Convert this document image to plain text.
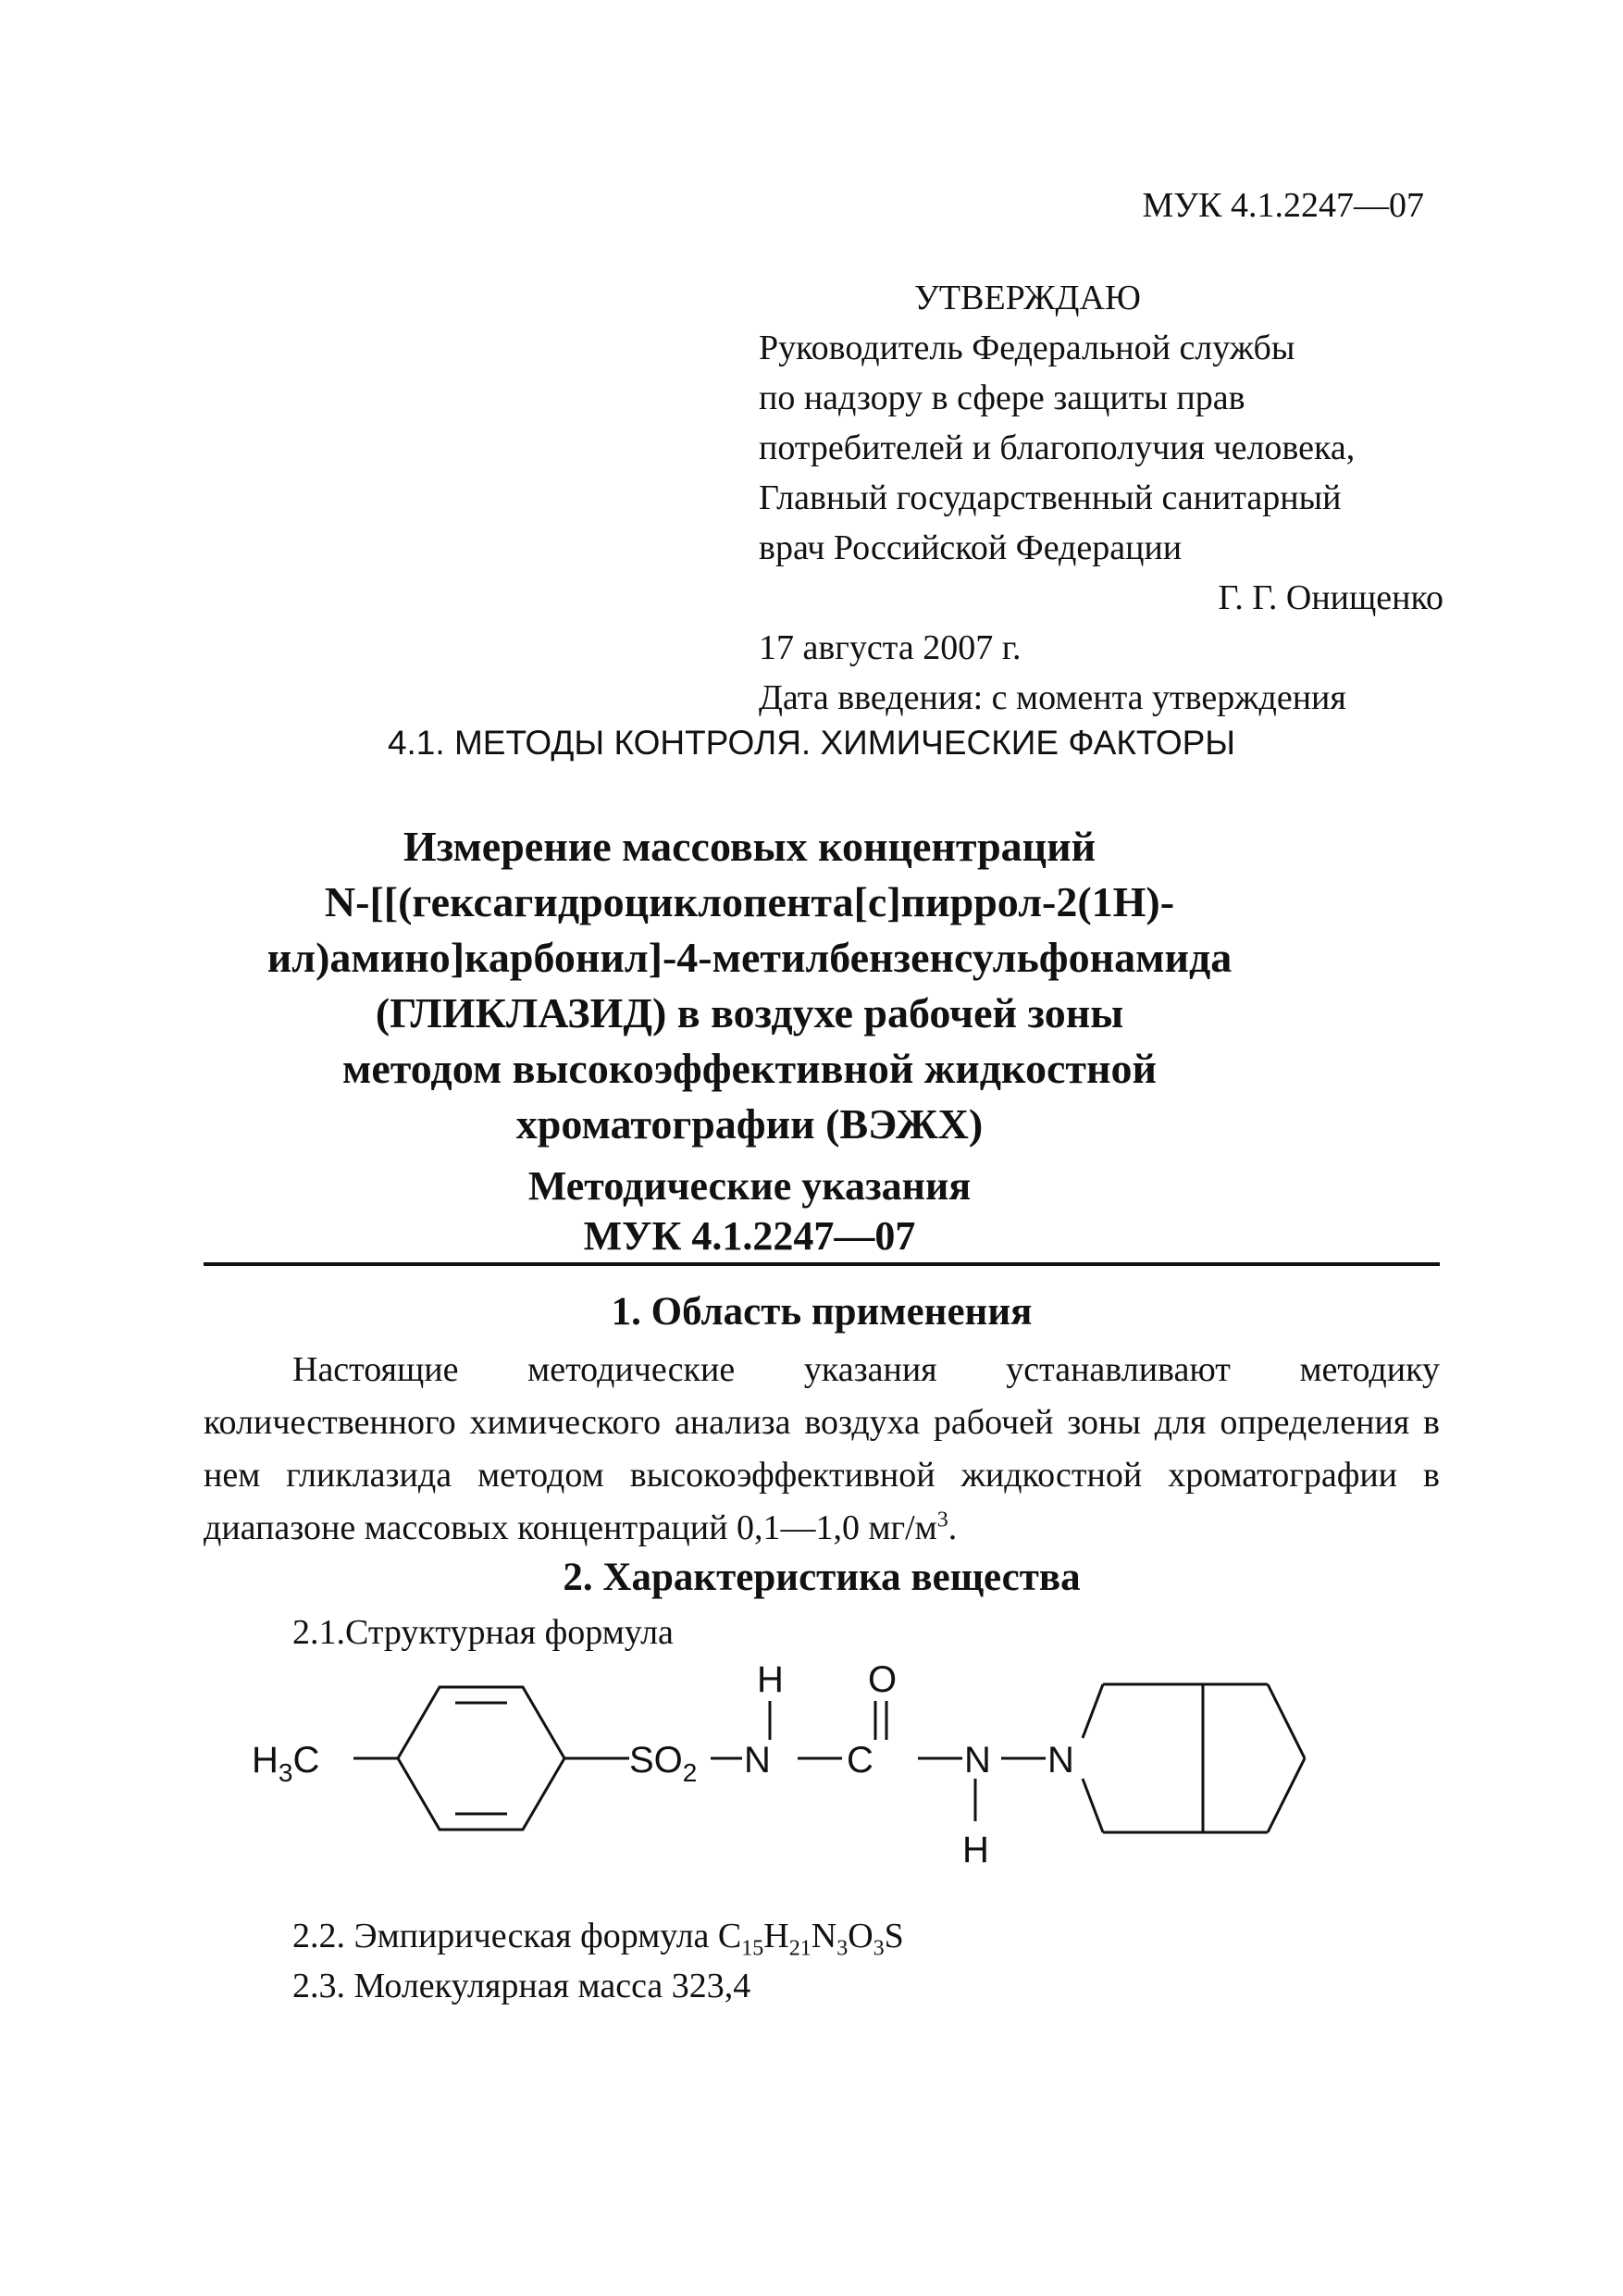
МУК 4.1.2247—07
УТВЕРЖДАЮ
Руководитель Федеральной службы
по надзору в сфере защиты прав
потребителей и благополучия человека,
Главный государственный санитарный
врач Российской Федерации
Г. Г. Онищенко
17 августа 2007 г.
Дата введения: с момента утверждения
4.1. МЕТОДЫ КОНТРОЛЯ. ХИМИЧЕСКИЕ ФАКТОРЫ
Измерение массовых концентраций
N-[[(гексагидроциклопента[c]пиррол-2(1H)-
ил)амино]карбонил]-4-метилбензенсульфонамида
(ГЛИКЛАЗИД) в воздухе рабочей зоны
методом высокоэффективной жидкостной
хроматографии (ВЭЖХ)
Методические указания
МУК 4.1.2247—07
1. Область применения
Настоящие методические указания устанавливают методику количественного химического анализа воздуха рабочей зоны для определения в нем гликлазида методом высокоэффективной жидкостной хроматографии в диапазоне массовых концентраций 0,1—1,0 $мг/м^3$.
2. Характеристика вещества
2.1.Структурная формула
$H_3C$	$SO_2$ N C N N
H O
H
2.2. Эмпирическая формула $C_{15}H_{21}N_3O_3S$
2.3. Молекулярная масса 323,4
